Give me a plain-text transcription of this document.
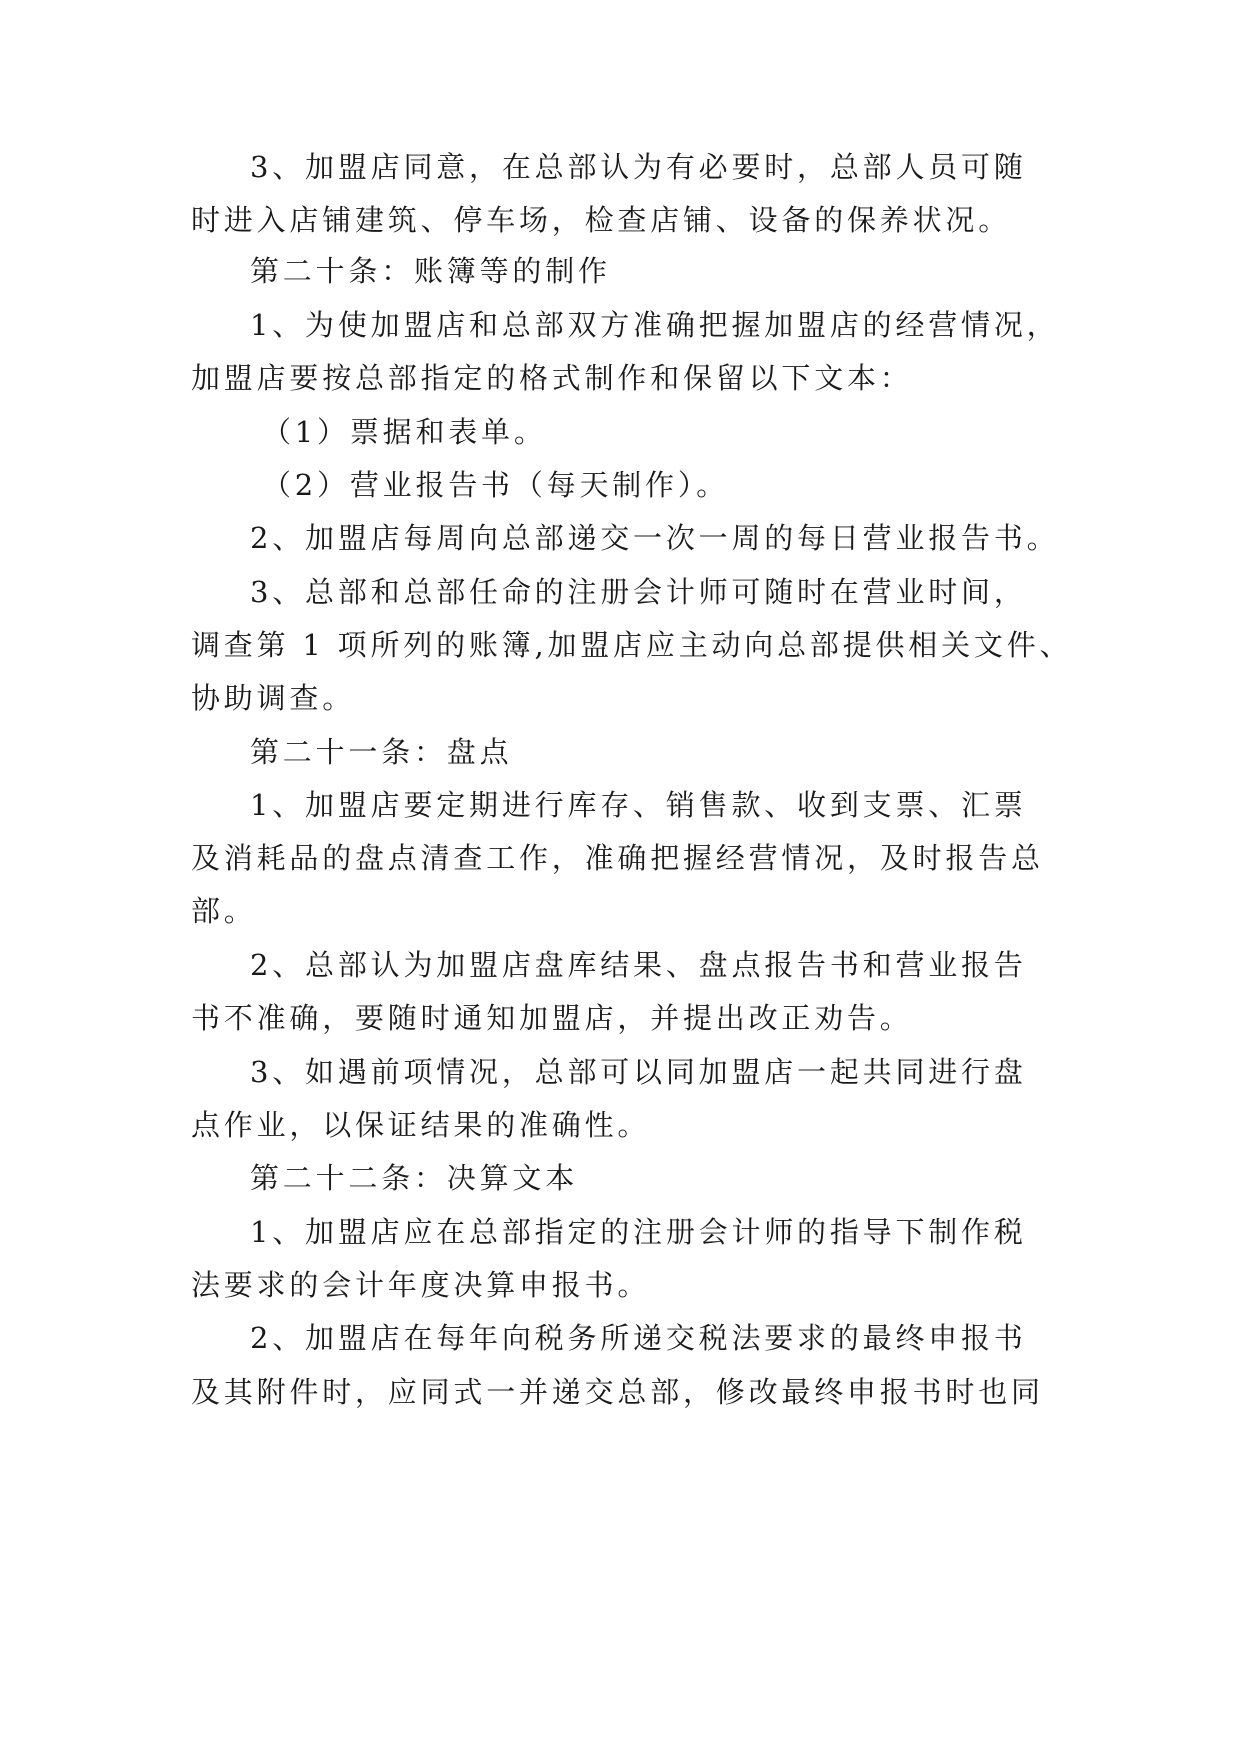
3、加盟店同意，在总部认为有必要时，总部人员可随
时进入店铺建筑、停车场，检查店铺、设备的保养状况。
第二十条：账簿等的制作
1、为使加盟店和总部双方准确把握加盟店的经营情况，
加盟店要按总部指定的格式制作和保留以下文本：
（1）票据和表单。
（2）营业报告书（每天制作）。
2、加盟店每周向总部递交一次一周的每日营业报告书。
3、总部和总部任命的注册会计师可随时在营业时间，
调查第 1 项所列的账簿,加盟店应主动向总部提供相关文件、
协助调查。
第二十一条：盘点
1、加盟店要定期进行库存、销售款、收到支票、汇票
及消耗品的盘点清查工作，准确把握经营情况，及时报告总
部。
2、总部认为加盟店盘库结果、盘点报告书和营业报告
书不准确，要随时通知加盟店，并提出改正劝告。
3、如遇前项情况，总部可以同加盟店一起共同进行盘
点作业，以保证结果的准确性。
第二十二条：决算文本
1、加盟店应在总部指定的注册会计师的指导下制作税
法要求的会计年度决算申报书。
2、加盟店在每年向税务所递交税法要求的最终申报书
及其附件时，应同式一并递交总部，修改最终申报书时也同
